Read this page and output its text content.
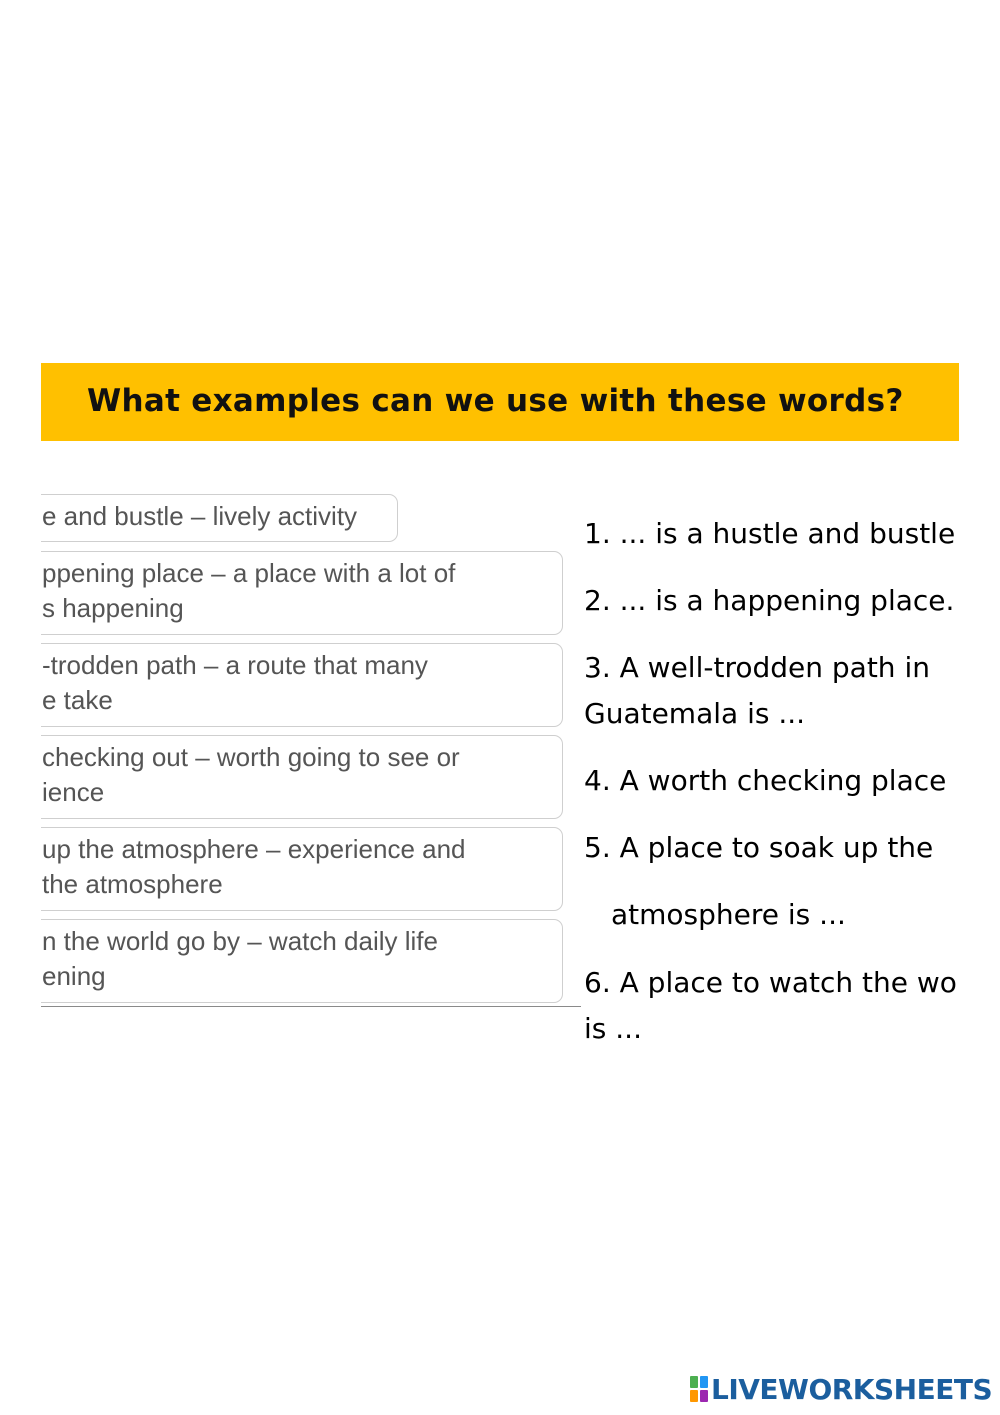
What examples can we use with these words?
e and bustle – lively activity
ppening place – a place with a lot of
s happening
-trodden path – a route that many
e take
checking out – worth going to see or
ience
up the atmosphere – experience and
the atmosphere
n the world go by – watch daily life
ening
1. ... is a hustle and bustle
2. ... is a happening place.
3. A well-trodden path in
Guatemala is ...
4. A worth checking place
5. A place to soak up the
atmosphere is ...
6. A place to watch the wo
is ...
LIVEWORKSHEETS
